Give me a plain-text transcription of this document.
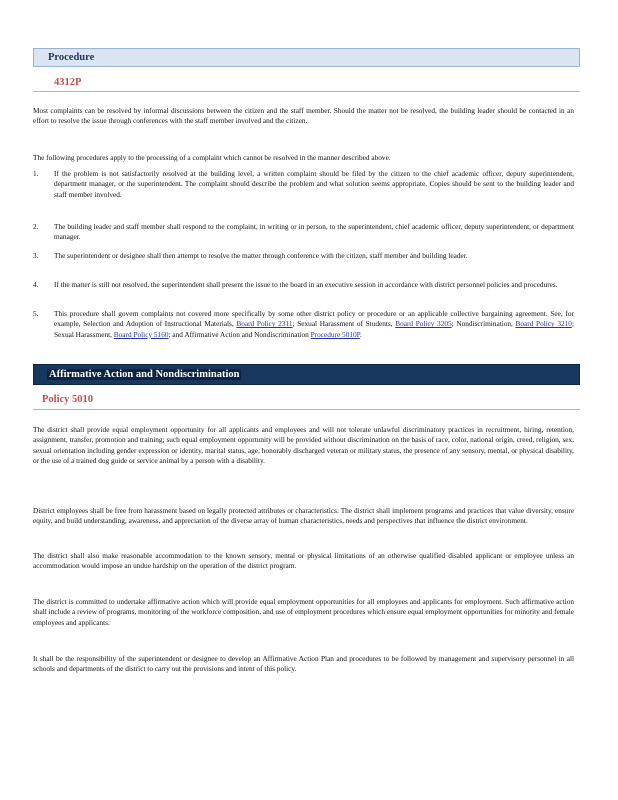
Procedure
4312P

Most complaints can be resolved by informal discussions between the citizen and the staff member. Should the matter not be resolved, the building leader should be contacted in an effort to resolve the issue through conferences with the staff member involved and the citizen.

The following procedures apply to the processing of a complaint which cannot be resolved in the manner described above.

1. If the problem is not satisfactorily resolved at the building level, a written complaint should be filed by the citizen to the chief academic officer, deputy superintendent, department manager, or the superintendent. The complaint should describe the problem and what solution seems appropriate. Copies should be sent to the building leader and staff member involved.
2. The building leader and staff member shall respond to the complaint, in writing or in person, to the superintendent, chief academic officer, deputy superintendent, or department manager.
3. The superintendent or designee shall then attempt to resolve the matter through conference with the citizen, staff member and building leader.
4. If the matter is still not resolved, the superintendent shall present the issue to the board in an executive session in accordance with district personnel policies and procedures.
5. This procedure shall govern complaints not covered more specifically by some other district policy or procedure or an applicable collective bargaining agreement. See, for example, Selection and Adoption of Instructional Materials, Board Policy 2311; Sexual Harassment of Students, Board Policy 3205; Nondiscrimination, Board Policy 3210; Sexual Harassment, Board Policy 5160; and Affirmative Action and Nondiscrimination Procedure 5010P.
Affirmative Action and Nondiscrimination
Policy 5010

The district shall provide equal employment opportunity for all applicants and employees and will not tolerate unlawful discriminatory practices in recruitment, hiring, retention, assignment, transfer, promotion and training; such equal employment opportunity will be provided without discrimination on the basis of race, color, national origin, creed, religion, sex, sexual orientation including gender expression or identity, marital status, age, honorably discharged veteran or military status, the presence of any sensory, mental, or physical disability, or the use of a trained dog guide or service animal by a person with a disability.

District employees shall be free from harassment based on legally protected attributes or characteristics. The district shall implement programs and practices that value diversity, ensure equity, and build understanding, awareness, and appreciation of the diverse array of human characteristics, needs and perspectives that influence the district environment.

The district shall also make reasonable accommodation to the known sensory, mental or physical limitations of an otherwise qualified disabled applicant or employee unless an accommodation would impose an undue hardship on the operation of the district program.

The district is committed to undertake affirmative action which will provide equal employment opportunities for all employees and applicants for employment. Such affirmative action shall include a review of programs, monitoring of the workforce composition, and use of employment procedures which ensure equal employment opportunities for minority and female employees and applicants.

It shall be the responsibility of the superintendent or designee to develop an Affirmative Action Plan and procedures to be followed by management and supervisory personnel in all schools and departments of the district to carry out the provisions and intent of this policy.
